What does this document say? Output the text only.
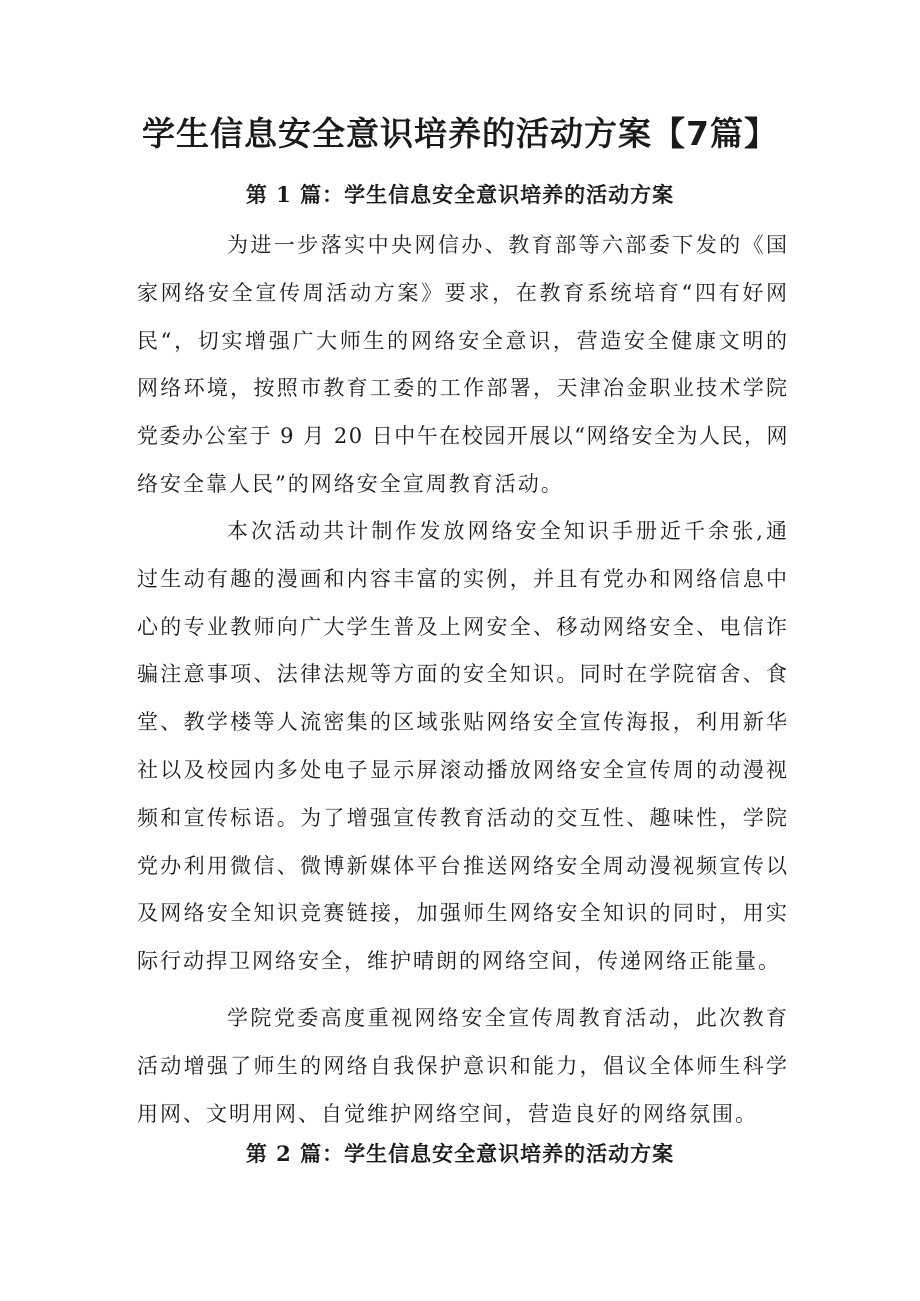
学生信息安全意识培养的活动方案【7篇】
第 1 篇：学生信息安全意识培养的活动方案

为进一步落实中央网信办、教育部等六部委下发的《国
家网络安全宣传周活动方案》要求，在教育系统培育“四有好网
民“，切实增强广大师生的网络安全意识，营造安全健康文明的
网络环境，按照市教育工委的工作部署，天津冶金职业技术学院
党委办公室于 9 月 20 日中午在校园开展以“网络安全为人民，网
络安全靠人民”的网络安全宣周教育活动。

本次活动共计制作发放网络安全知识手册近千余张,通
过生动有趣的漫画和内容丰富的实例，并且有党办和网络信息中
心的专业教师向广大学生普及上网安全、移动网络安全、电信诈
骗注意事项、法律法规等方面的安全知识。同时在学院宿舍、食
堂、教学楼等人流密集的区域张贴网络安全宣传海报，利用新华
社以及校园内多处电子显示屏滚动播放网络安全宣传周的动漫视
频和宣传标语。为了增强宣传教育活动的交互性、趣味性，学院
党办利用微信、微博新媒体平台推送网络安全周动漫视频宣传以
及网络安全知识竞赛链接，加强师生网络安全知识的同时，用实
际行动捍卫网络安全，维护晴朗的网络空间，传递网络正能量。

学院党委高度重视网络安全宣传周教育活动，此次教育
活动增强了师生的网络自我保护意识和能力，倡议全体师生科学
用网、文明用网、自觉维护网络空间，营造良好的网络氛围。

第 2 篇：学生信息安全意识培养的活动方案
